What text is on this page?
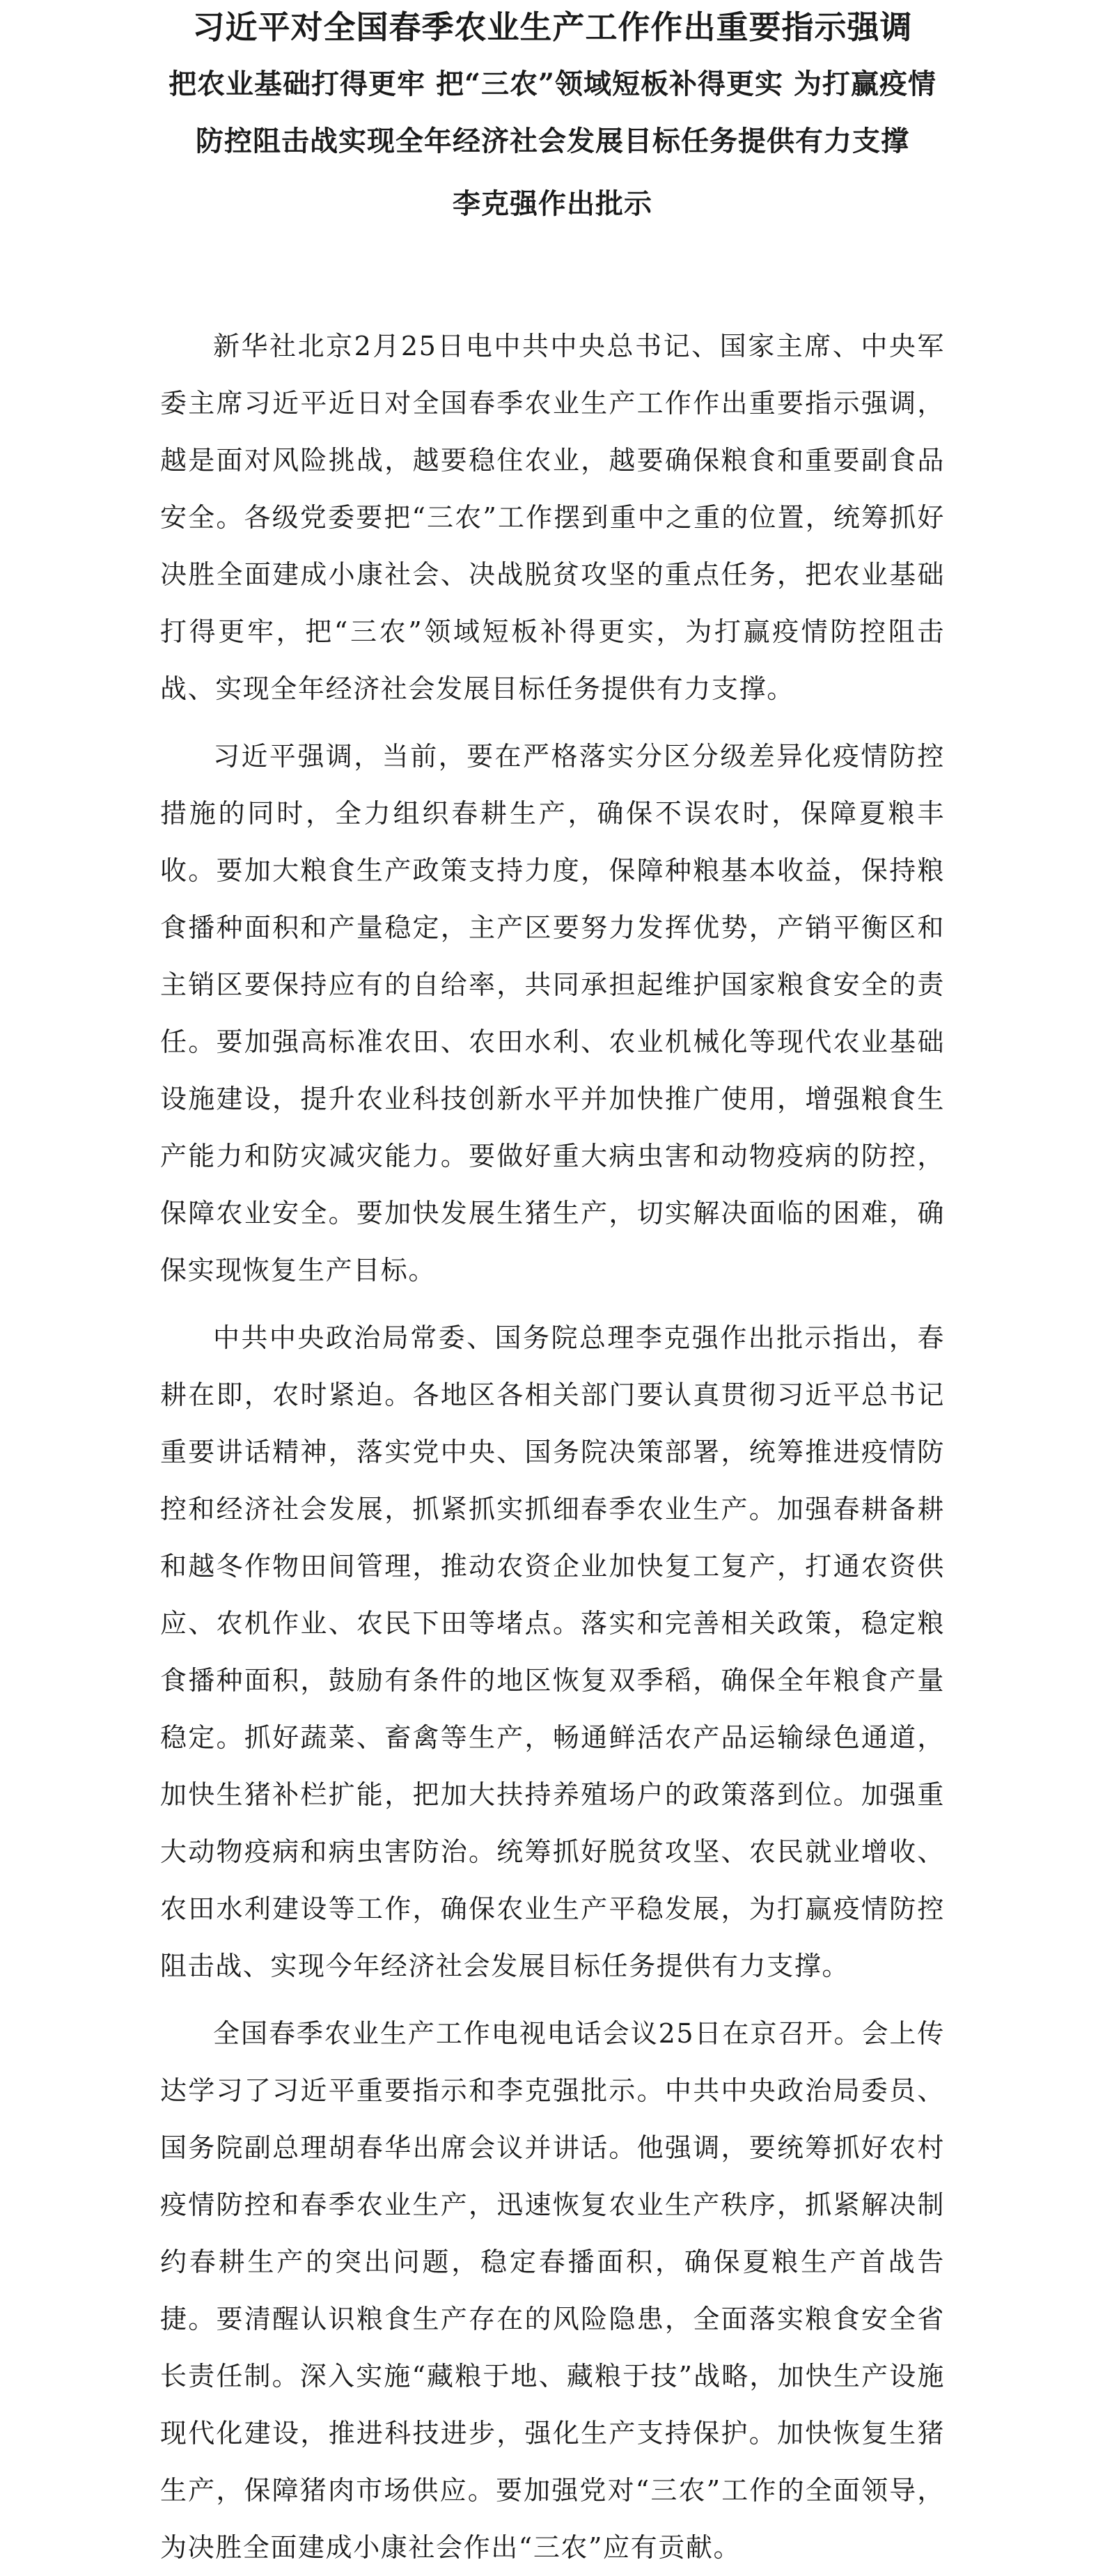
习近平对全国春季农业生产工作作出重要指示强调
把农业基础打得更牢 把“三农”领域短板补得更实 为打赢疫情
防控阻击战实现全年经济社会发展目标任务提供有力支撑
李克强作出批示

新华社北京2月25日电中共中央总书记、国家主席、中央军委主席习近平近日对全国春季农业生产工作作出重要指示强调，越是面对风险挑战，越要稳住农业，越要确保粮食和重要副食品安全。各级党委要把“三农”工作摆到重中之重的位置，统筹抓好决胜全面建成小康社会、决战脱贫攻坚的重点任务，把农业基础打得更牢，把“三农”领域短板补得更实，为打赢疫情防控阻击战、实现全年经济社会发展目标任务提供有力支撑。

习近平强调，当前，要在严格落实分区分级差异化疫情防控措施的同时，全力组织春耕生产，确保不误农时，保障夏粮丰收。要加大粮食生产政策支持力度，保障种粮基本收益，保持粮食播种面积和产量稳定，主产区要努力发挥优势，产销平衡区和主销区要保持应有的自给率，共同承担起维护国家粮食安全的责任。要加强高标准农田、农田水利、农业机械化等现代农业基础设施建设，提升农业科技创新水平并加快推广使用，增强粮食生产能力和防灾减灾能力。要做好重大病虫害和动物疫病的防控，保障农业安全。要加快发展生猪生产，切实解决面临的困难，确保实现恢复生产目标。

中共中央政治局常委、国务院总理李克强作出批示指出，春耕在即，农时紧迫。各地区各相关部门要认真贯彻习近平总书记重要讲话精神，落实党中央、国务院决策部署，统筹推进疫情防控和经济社会发展，抓紧抓实抓细春季农业生产。加强春耕备耕和越冬作物田间管理，推动农资企业加快复工复产，打通农资供应、农机作业、农民下田等堵点。落实和完善相关政策，稳定粮食播种面积，鼓励有条件的地区恢复双季稻，确保全年粮食产量稳定。抓好蔬菜、畜禽等生产，畅通鲜活农产品运输绿色通道，加快生猪补栏扩能，把加大扶持养殖场户的政策落到位。加强重大动物疫病和病虫害防治。统筹抓好脱贫攻坚、农民就业增收、农田水利建设等工作，确保农业生产平稳发展，为打赢疫情防控阻击战、实现今年经济社会发展目标任务提供有力支撑。

全国春季农业生产工作电视电话会议25日在京召开。会上传达学习了习近平重要指示和李克强批示。中共中央政治局委员、国务院副总理胡春华出席会议并讲话。他强调，要统筹抓好农村疫情防控和春季农业生产，迅速恢复农业生产秩序，抓紧解决制约春耕生产的突出问题，稳定春播面积，确保夏粮生产首战告捷。要清醒认识粮食生产存在的风险隐患，全面落实粮食安全省长责任制。深入实施“藏粮于地、藏粮于技”战略，加快生产设施现代化建设，推进科技进步，强化生产支持保护。加快恢复生猪生产，保障猪肉市场供应。要加强党对“三农”工作的全面领导，为决胜全面建成小康社会作出“三农”应有贡献。
